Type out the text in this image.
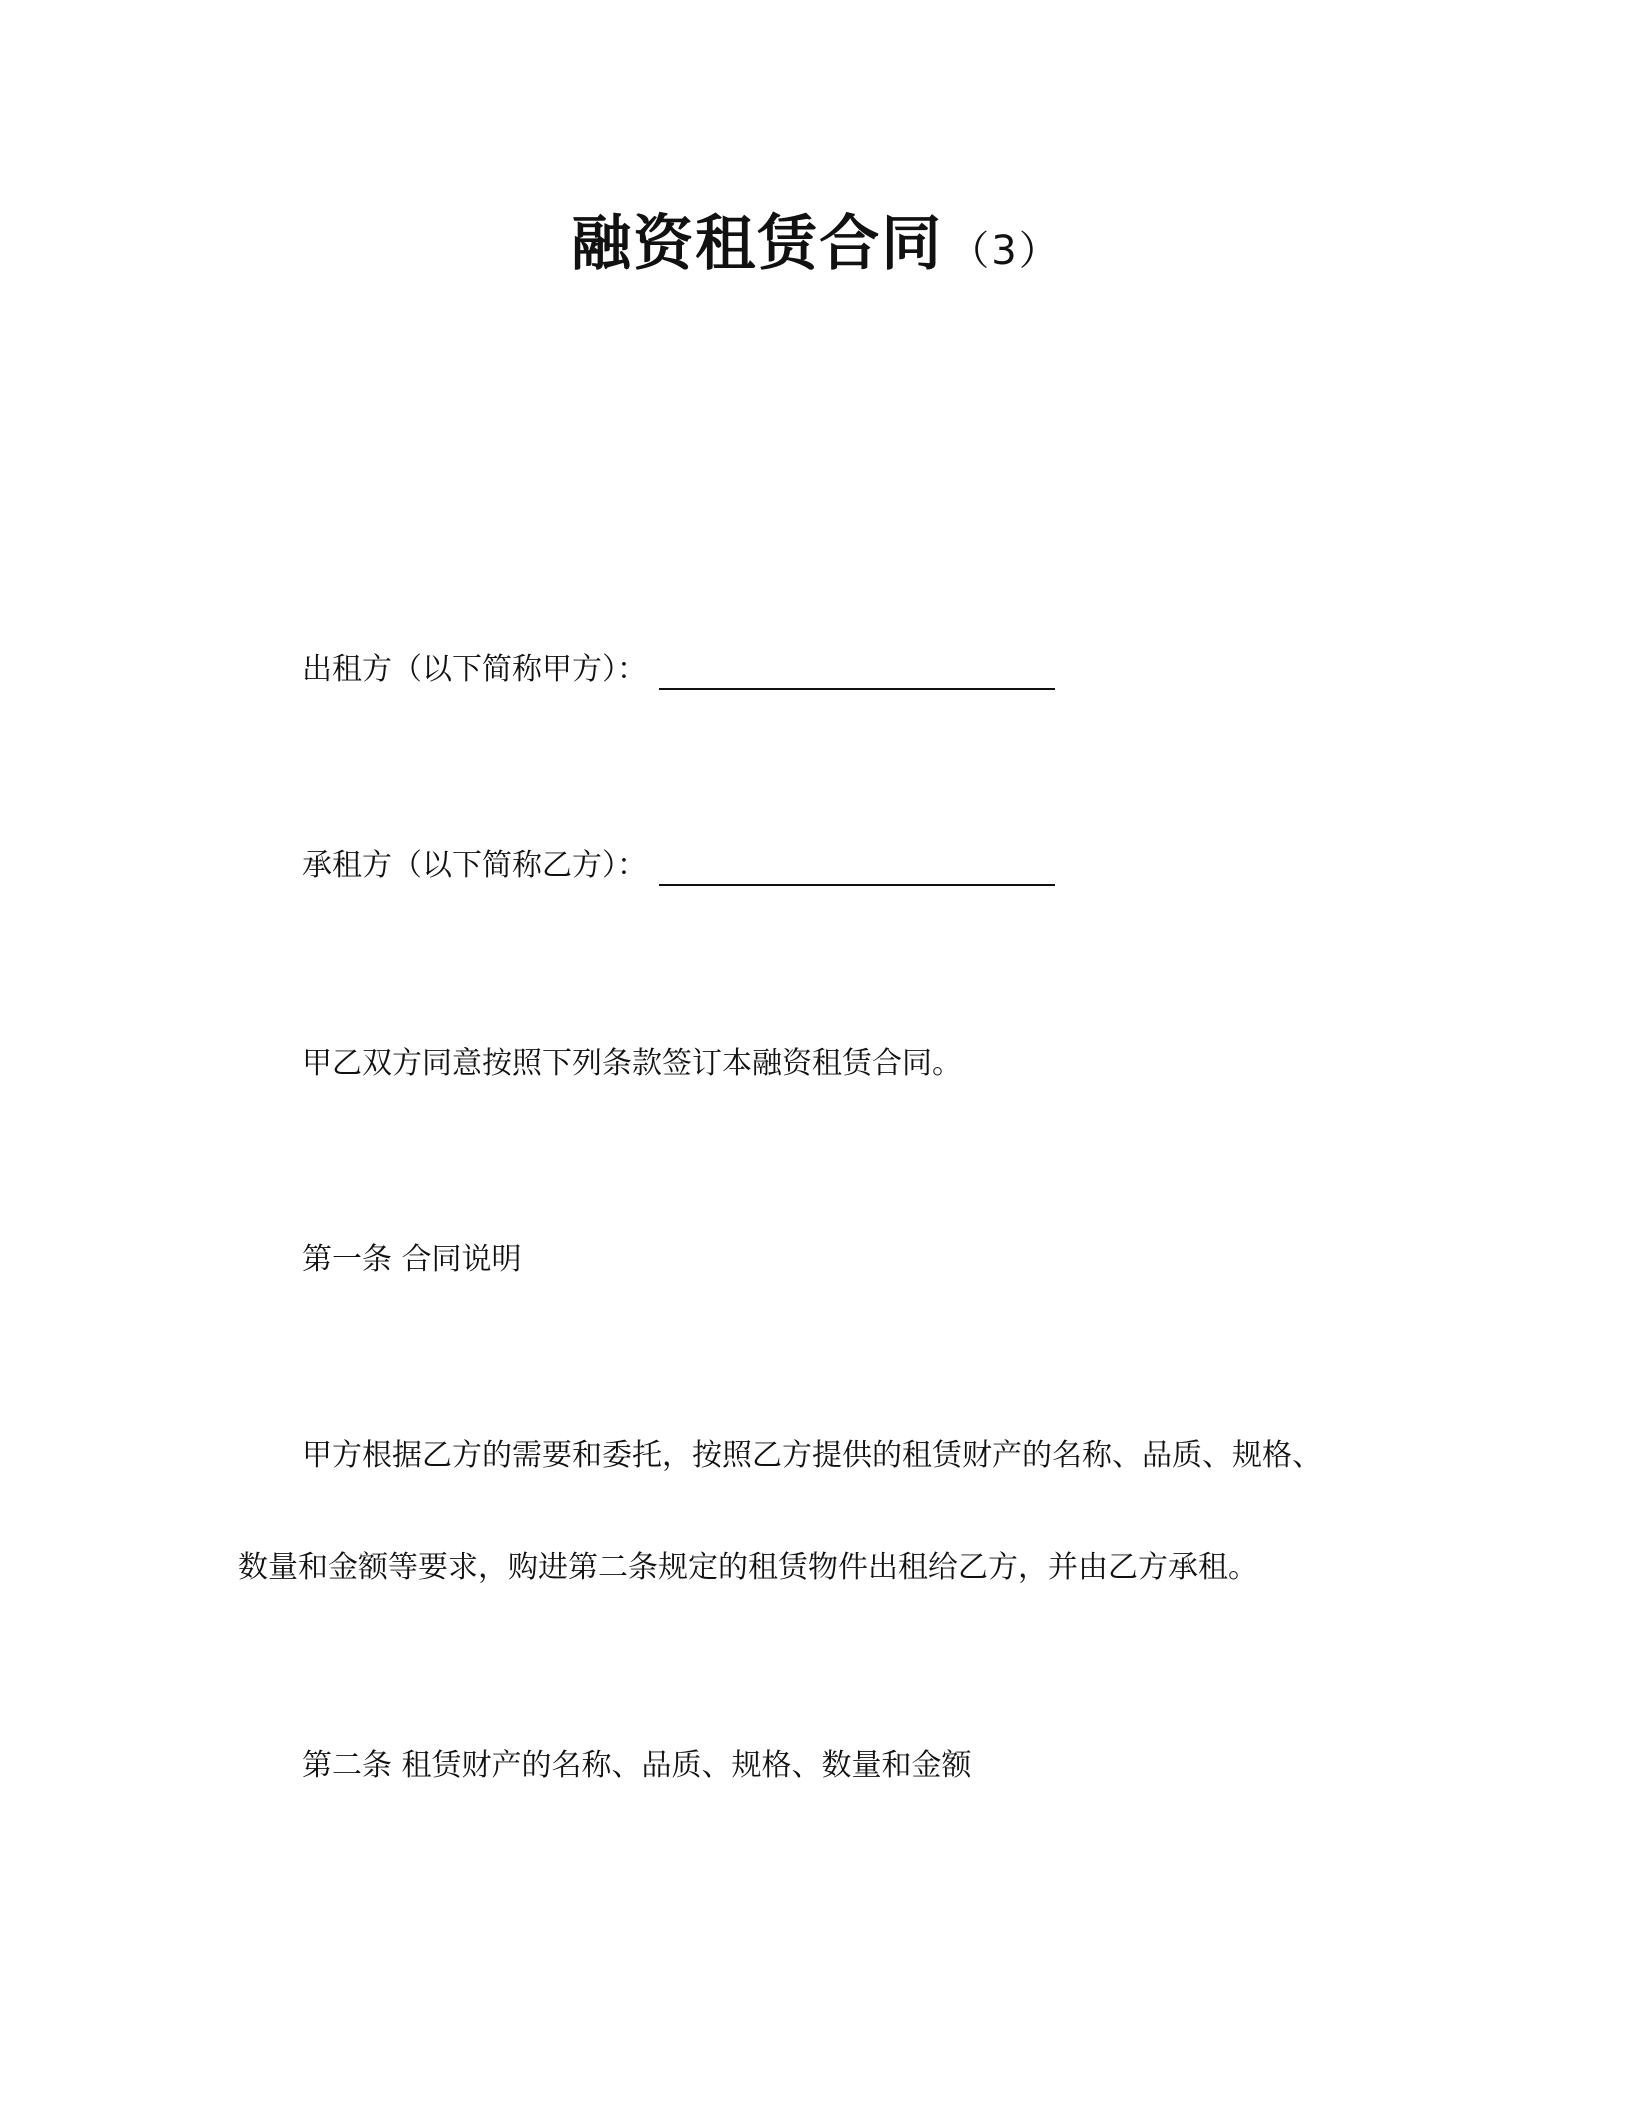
融资租赁合同 （3）
出租方（以下简称甲方）：
承租方（以下简称乙方）：
甲乙双方同意按照下列条款签订本融资租赁合同。
第一条 合同说明
甲方根据乙方的需要和委托，按照乙方提供的租赁财产的名称、品质、规格、
数量和金额等要求，购进第二条规定的租赁物件出租给乙方，并由乙方承租。
第二条 租赁财产的名称、品质、规格、数量和金额
